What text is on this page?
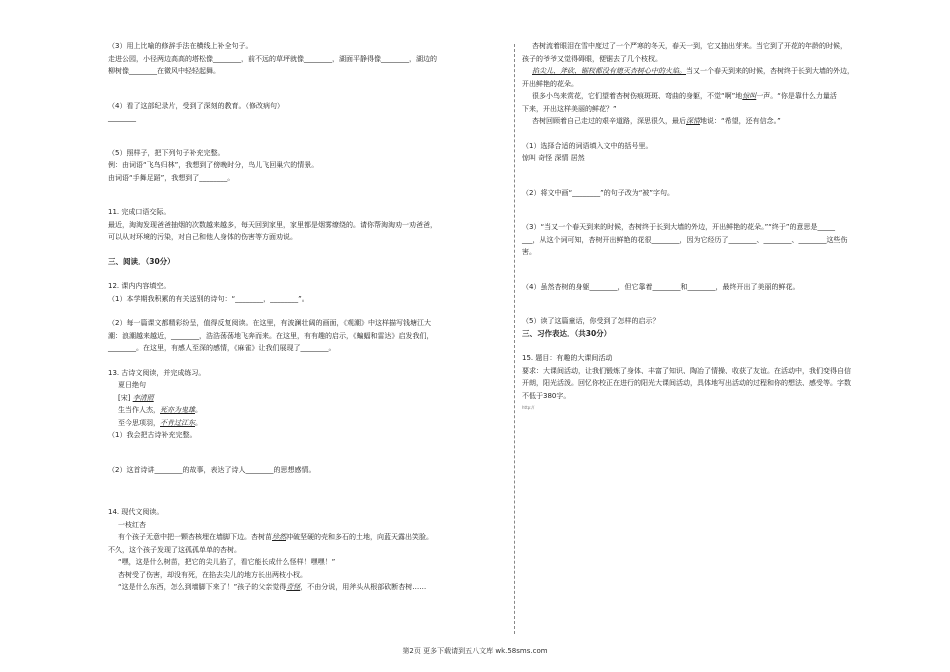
（3）用上比喻的修辞手法在横线上补全句子。

走进公园，小径两边高高的塔松像________，前不远的草坪就像________，湖面平静得像________，湖边的

柳树像________在微风中轻轻起舞。

（4）看了这部纪录片，受到了深刻的教育。（修改病句）

________

（5）照样子，把下列句子补充完整。

例：由词语“飞鸟归林”，我想到了傍晚时分，鸟儿飞回巢穴的情景。

由词语“手舞足蹈”，我想到了________。

11. 完成口语交际。

最近，淘淘发现爸爸抽烟的次数越来越多，每天回到家里，家里都是烟雾缭绕的。请你帮淘淘劝一劝爸爸，

可以从对环境的污染，对自己和他人身体的伤害等方面劝说。

三、阅读．（30分）

12. 课内内容填空。

（1）本学期我积累的有关送别的诗句：“________，________”。

（2）每一篇课文都精彩纷呈，值得反复阅读。在这里，有波澜壮阔的画面，《观潮》中这样描写钱塘江大

潮：浪潮越来越近，________，浩浩荡荡地飞奔而来。在这里，有有趣的启示，《蝙蝠和雷达》启发我们，

________。在这里，有感人至深的感情，《麻雀》让我们展现了________。

13. 古诗文阅读，并完成练习。

夏日绝句

[宋] 李清照

生当作人杰，死亦为鬼雄。

至今思项羽，不肯过江东。

（1）我会把古诗补充完整。

（2）这首诗讲________的故事，表达了诗人________的思想感情。

14. 现代文阅读。

一枝红杏

有个孩子无意中把一颗杏核埋在墙脚下边。杏树苗珍然冲破坚硬的壳和多石的土地，向蓝天露出笑脸。

不久，这个孩子发现了这孤孤单单的杏树。

“嘿，这是什么树苗，把它的尖儿掐了，看它能长成什么怪样！嘿嘿！”

杏树受了伤害，却没有死，在掐去尖儿的地方长出两枝小杈。

“这是什么东西，怎么到墙脚下来了！”孩子的父亲觉得奇怪，不由分说，用斧头从根部砍断杏树……

杏树流着眼泪在雪中度过了一个严寒的冬天，春天一到，它又抽出芽来。当它到了开花的年龄的时候，

孩子的爷爷又觉得碍眼，便锯去了几个枝杈。

掐尖儿、斧砍、锯杈都没有熄灭杏树心中的火焰。当又一个春天到来的时候，杏树终于长到大墙的外边，

开出鲜艳的花朵。

很多小鸟来赏花，它们望着杏树伤痕斑斑、弯曲的身躯，不觉“啊”地惊叫一声。“你是靠什么力量活

下来，开出这样美丽的鲜花？”

杏树回顾着自己走过的艰辛道路，深思很久，最后深情地说：“希望，还有信念。”

（1）选择合适的词语填入文中的括号里。

惊叫 奇怪 深情 居然

（2）将文中画“________”的句子改为“被”字句。

（3）“当又一个春天到来的时候，杏树终于长到大墙的外边，开出鲜艳的花朵。”“终于”的意思是_____

___，从这个词可知，杏树开出鲜艳的花很________，因为它经历了________、________、________这些伤

害。

（4）虽然杏树的身躯________，但它靠着________和________，最终开出了美丽的鲜花。

（5）读了这篇童话，你受到了怎样的启示？

三、习作表达．（共30分）

15. 题目：有趣的大课间活动

要求：大课间活动，让我们锻炼了身体、丰富了知识、陶冶了情操、收获了友谊。在活动中，我们变得自信

开朗，阳光活泼。回忆你校正在进行的阳光大课间活动，具体地写出活动的过程和你的想法、感受等。字数

不低于380字。

http://

第2页 更多下载请到五八文库 wk.58sms.com
